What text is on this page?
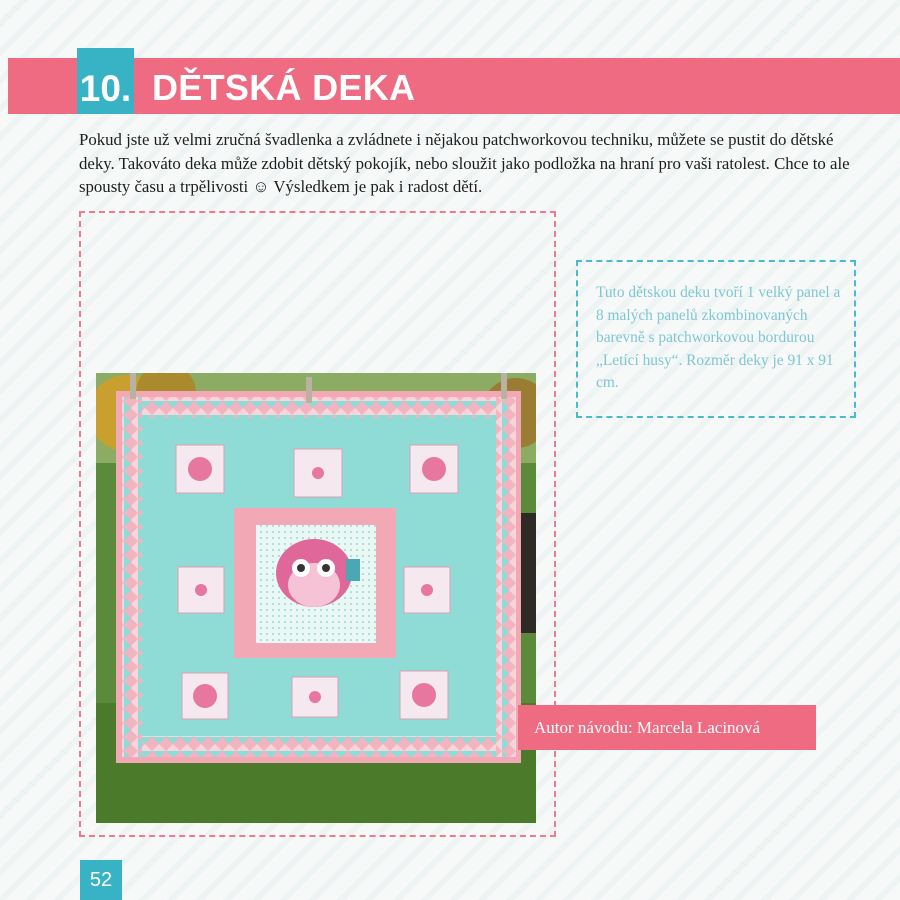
10. DĚTSKÁ DEKA

Pokud jste už velmi zručná švadlenka a zvládnete i nějakou patchworkovou techniku, můžete se pustit do dětské deky. Takováto deka může zdobit dětský pokojík, nebo sloužit jako podložka na hraní pro vaši ratolest. Chce to ale spousty času a trpělivosti ☺ Výsledkem je pak i radost dětí.

Tuto dětskou deku tvoří 1 velký panel a 8 malých panelů zkombinovaných barevně s patchworkovou bordurou „Letící husy“. Rozměr deky je 91 x 91 cm.
Autor návodu: Marcela Lacinová
52
